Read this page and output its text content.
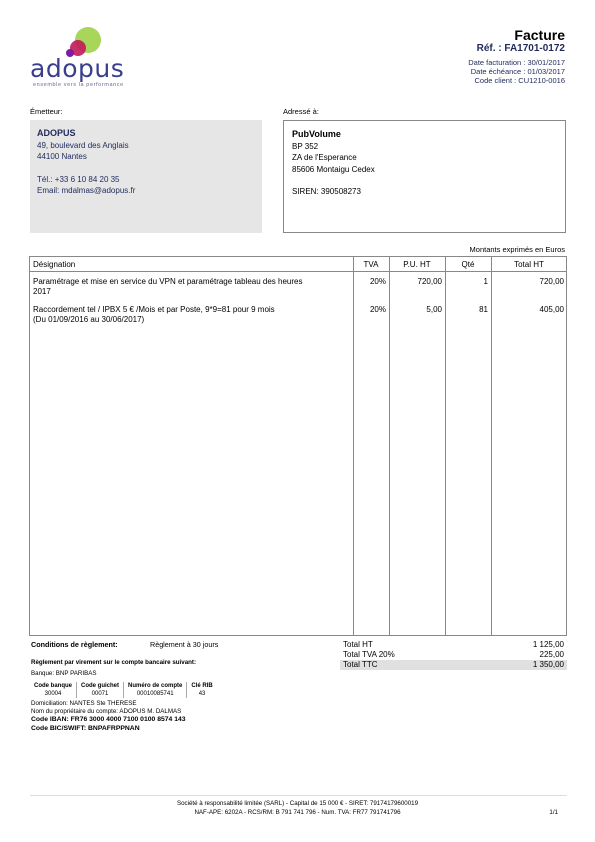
adopus
ensemble vers la performance
Facture
Réf. : FA1701-0172
Date facturation : 30/01/2017
Date échéance : 01/03/2017
Code client : CU1210-0016
Émetteur:	Adressé à:
ADOPUS
49, boulevard des Anglais
44100 Nantes
Tél.: +33 6 10 84 20 35
Email: mdalmas@adopus.fr
PubVolume
BP 352
ZA de l'Esperance
85606 Montaigu Cedex
SIREN: 390508273
Montants exprimés en Euros
Désignation	TVA	P.U. HT	Qté	Total HT
Paramétrage et mise en service du VPN et paramétrage tableau des heures
2017
20%	720,00	1	720,00
Raccordement tel / IPBX 5 € /Mois et par Poste, 9*9=81 pour 9 mois
(Du 01/09/2016 au 30/06/2017)
20%	5,00	81	405,00
Conditions de règlement:	Règlement à 30 jours
Règlement par virement sur le compte bancaire suivant:
Banque: BNP PARIBAS
Code banque	Code guichet	Numéro de compte	Clé RIB
30004	00071	00010085741	43
Domiciliation: NANTES Ste THERESE
Nom du propriétaire du compte: ADOPUS M. DALMAS
Code IBAN: FR76 3000 4000 7100 0100 8574 143
Code BIC/SWIFT: BNPAFRPPNAN
Total HT	1 125,00
Total TVA 20%	225,00
Total TTC	1 350,00
Société à responsabilité limitée (SARL) - Capital de 15 000 € - SIRET: 79174179600019
NAF-APE: 6202A - RCS/RM: B 791 741 796 - Num. TVA: FR77 791741796	1/1
